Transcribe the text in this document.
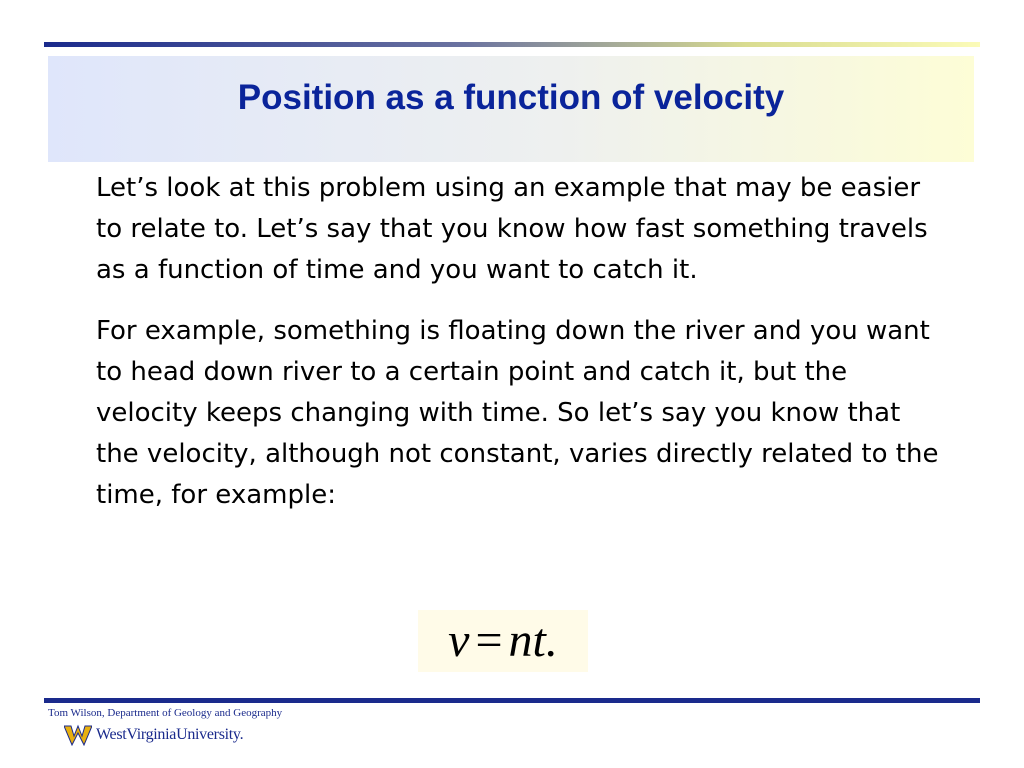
Position as a function of velocity

Let’s look at this problem using an example that may be easier to relate to. Let’s say that you know how fast something travels as a function of time and you want to catch it.

For example, something is floating down the river and you want to head down river to a certain point and catch it, but the velocity keeps changing with time. So let’s say you know that the velocity, although not constant, varies directly related to the time, for example:

v = nt.
Tom Wilson, Department of Geology and Geography
WestVirginiaUniversity.
